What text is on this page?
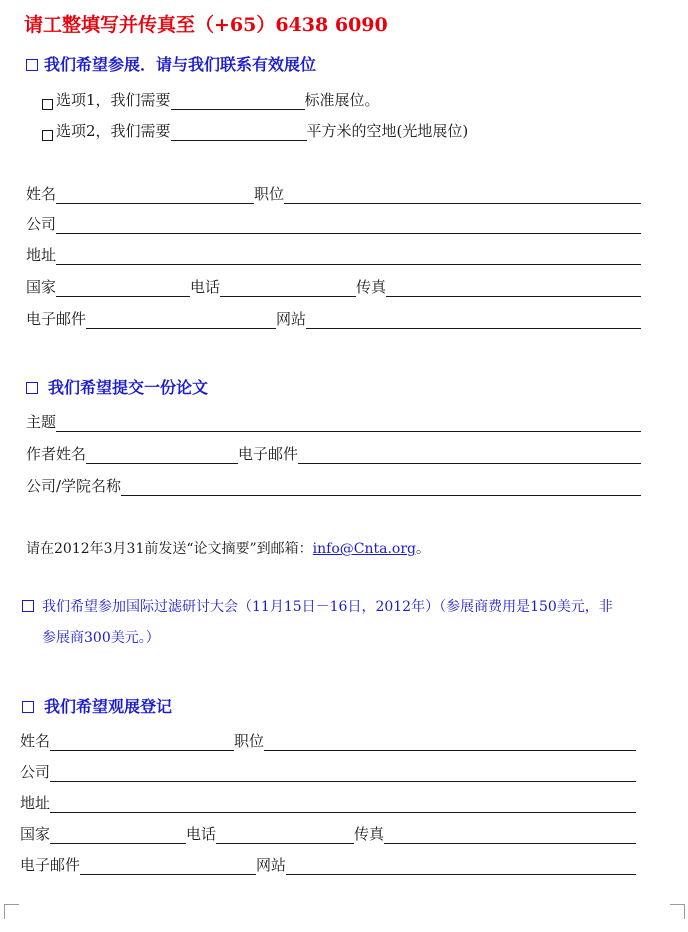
请工整填写并传真至（+65）6438 6090
我们希望参展．请与我们联系有效展位
选项1，我们需要	标准展位。
选项2，我们需要	平方米的空地(光地展位)
姓名	职位
公司
地址
国家	电话	传真
电子邮件	网站
我们希望提交一份论文
主题
作者姓名	电子邮件
公司/学院名称
请在2012年3月31前发送“论文摘要”到邮箱：info@Cnta.org。
我们希望参加国际过滤研讨大会（11月15日－16日，2012年）（参展商费用是150美元，非
参展商300美元。）
我们希望观展登记
姓名	职位
公司
地址
国家	电话	传真
电子邮件	网站
